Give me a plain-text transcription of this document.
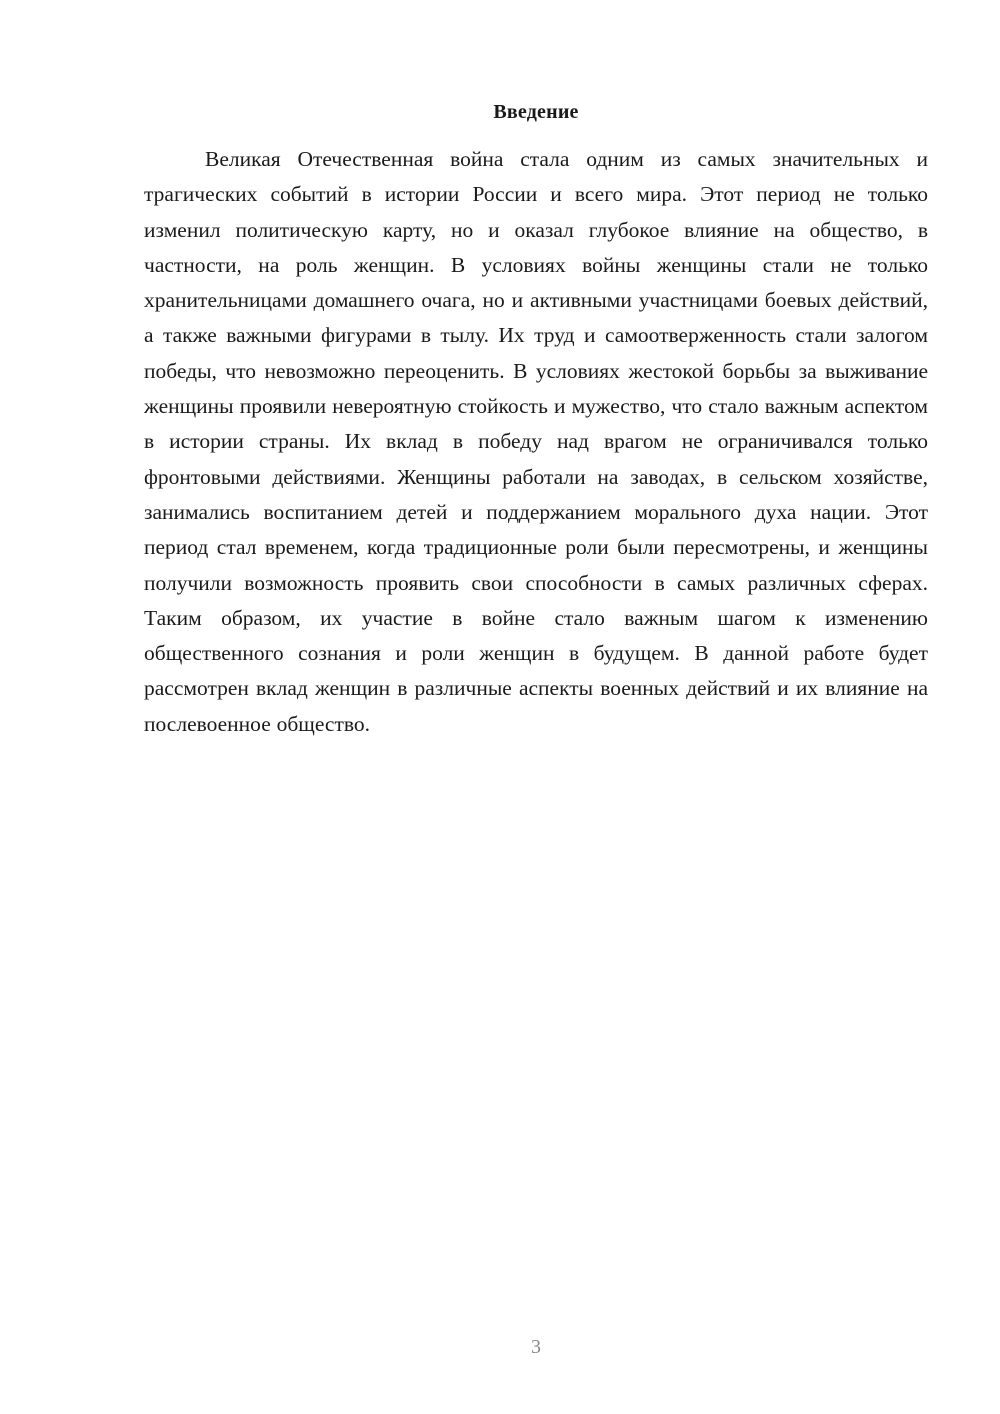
Введение

Великая Отечественная война стала одним из самых значительных и трагических событий в истории России и всего мира. Этот период не только изменил политическую карту, но и оказал глубокое влияние на общество, в частности, на роль женщин. В условиях войны женщины стали не только хранительницами домашнего очага, но и активными участницами боевых действий, а также важными фигурами в тылу. Их труд и самоотверженность стали залогом победы, что невозможно переоценить. В условиях жестокой борьбы за выживание женщины проявили невероятную стойкость и мужество, что стало важным аспектом в истории страны. Их вклад в победу над врагом не ограничивался только фронтовыми действиями. Женщины работали на заводах, в сельском хозяйстве, занимались воспитанием детей и поддержанием морального духа нации. Этот период стал временем, когда традиционные роли были пересмотрены, и женщины получили возможность проявить свои способности в самых различных сферах. Таким образом, их участие в войне стало важным шагом к изменению общественного сознания и роли женщин в будущем. В данной работе будет рассмотрен вклад женщин в различные аспекты военных действий и их влияние на послевоенное общество.

3
